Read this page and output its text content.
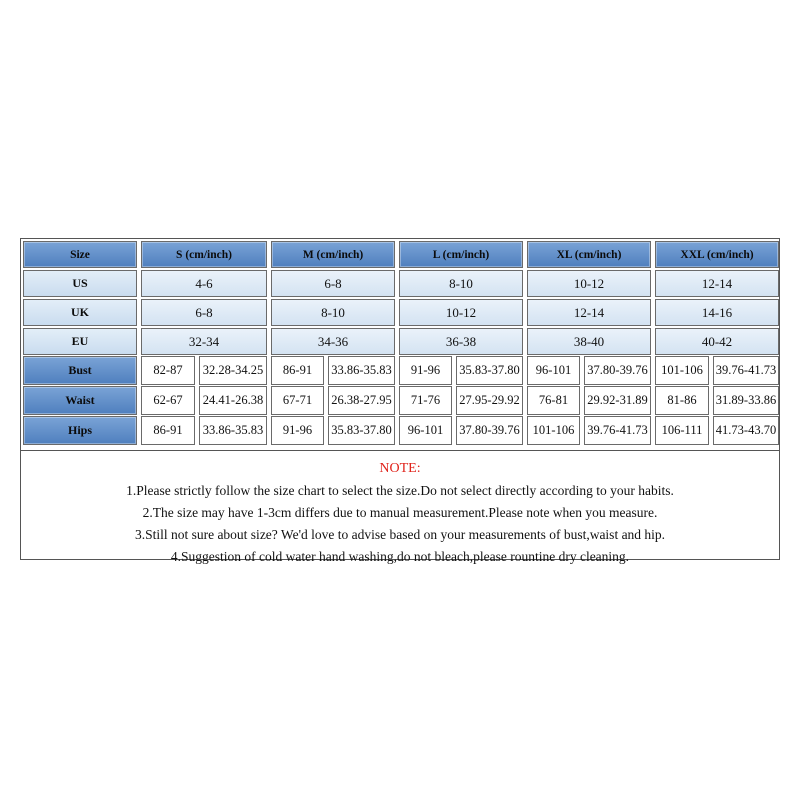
Size	S (cm/inch)	M (cm/inch)	L (cm/inch)	XL (cm/inch)	XXL (cm/inch)
US	4-6	6-8	8-10	10-12	12-14
UK	6-8	8-10	10-12	12-14	14-16
EU	32-34	34-36	36-38	38-40	40-42
Bust	82-87	32.28-34.25	86-91	33.86-35.83	91-96	35.83-37.80	96-101	37.80-39.76	101-106	39.76-41.73
Waist	62-67	24.41-26.38	67-71	26.38-27.95	71-76	27.95-29.92	76-81	29.92-31.89	81-86	31.89-33.86
Hips	86-91	33.86-35.83	91-96	35.83-37.80	96-101	37.80-39.76	101-106	39.76-41.73	106-111	41.73-43.70
NOTE:
1.Please strictly follow the size chart to select the size.Do not select directly according to your habits.
2.The size may have 1-3cm differs due to manual measurement.Please note when you measure.
3.Still not sure about size? We'd love to advise based on your measurements of bust,waist and hip.
4.Suggestion of cold water hand washing,do not bleach,please rountine dry cleaning.
